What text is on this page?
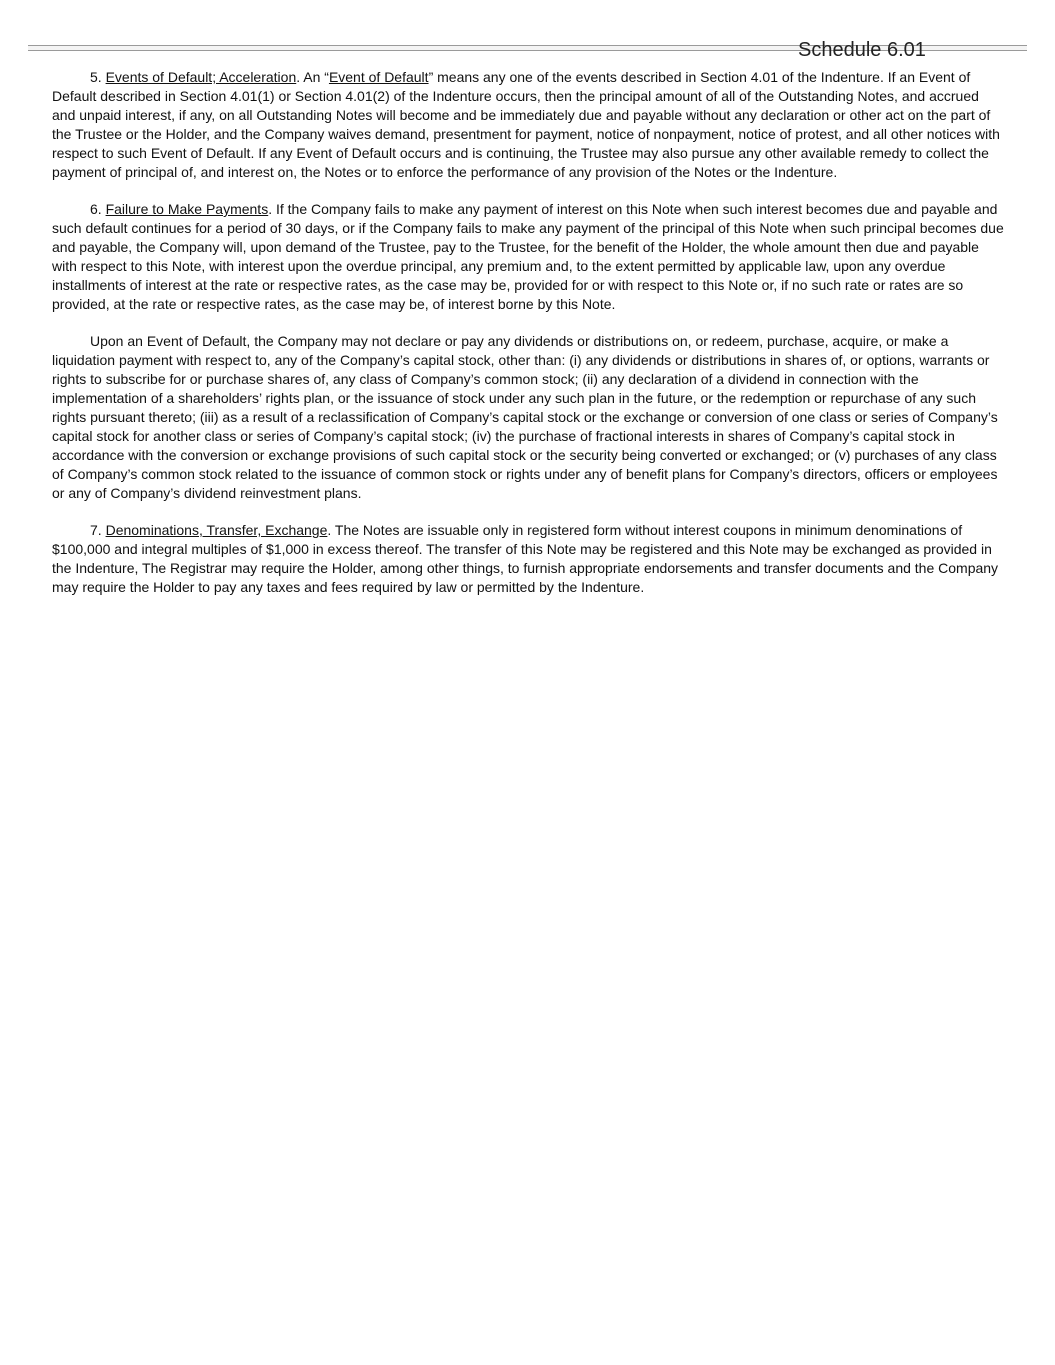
Schedule 6.01

5. Events of Default; Acceleration. An “Event of Default” means any one of the events described in Section 4.01 of the Indenture. If an Event of Default described in Section 4.01(1) or Section 4.01(2) of the Indenture occurs, then the principal amount of all of the Outstanding Notes, and accrued and unpaid interest, if any, on all Outstanding Notes will become and be immediately due and payable without any declaration or other act on the part of the Trustee or the Holder, and the Company waives demand, presentment for payment, notice of nonpayment, notice of protest, and all other notices with respect to such Event of Default. If any Event of Default occurs and is continuing, the Trustee may also pursue any other available remedy to collect the payment of principal of, and interest on, the Notes or to enforce the performance of any provision of the Notes or the Indenture.

6. Failure to Make Payments. If the Company fails to make any payment of interest on this Note when such interest becomes due and payable and such default continues for a period of 30 days, or if the Company fails to make any payment of the principal of this Note when such principal becomes due and payable, the Company will, upon demand of the Trustee, pay to the Trustee, for the benefit of the Holder, the whole amount then due and payable with respect to this Note, with interest upon the overdue principal, any premium and, to the extent permitted by applicable law, upon any overdue installments of interest at the rate or respective rates, as the case may be, provided for or with respect to this Note or, if no such rate or rates are so provided, at the rate or respective rates, as the case may be, of interest borne by this Note.

Upon an Event of Default, the Company may not declare or pay any dividends or distributions on, or redeem, purchase, acquire, or make a liquidation payment with respect to, any of the Company’s capital stock, other than: (i) any dividends or distributions in shares of, or options, warrants or rights to subscribe for or purchase shares of, any class of Company’s common stock; (ii) any declaration of a dividend in connection with the implementation of a shareholders’ rights plan, or the issuance of stock under any such plan in the future, or the redemption or repurchase of any such rights pursuant thereto; (iii) as a result of a reclassification of Company’s capital stock or the exchange or conversion of one class or series of Company’s capital stock for another class or series of Company’s capital stock; (iv) the purchase of fractional interests in shares of Company’s capital stock in accordance with the conversion or exchange provisions of such capital stock or the security being converted or exchanged; or (v) purchases of any class of Company’s common stock related to the issuance of common stock or rights under any of benefit plans for Company’s directors, officers or employees or any of Company’s dividend reinvestment plans.

7. Denominations, Transfer, Exchange. The Notes are issuable only in registered form without interest coupons in minimum denominations of $100,000 and integral multiples of $1,000 in excess thereof. The transfer of this Note may be registered and this Note may be exchanged as provided in the Indenture, The Registrar may require the Holder, among other things, to furnish appropriate endorsements and transfer documents and the Company may require the Holder to pay any taxes and fees required by law or permitted by the Indenture.
